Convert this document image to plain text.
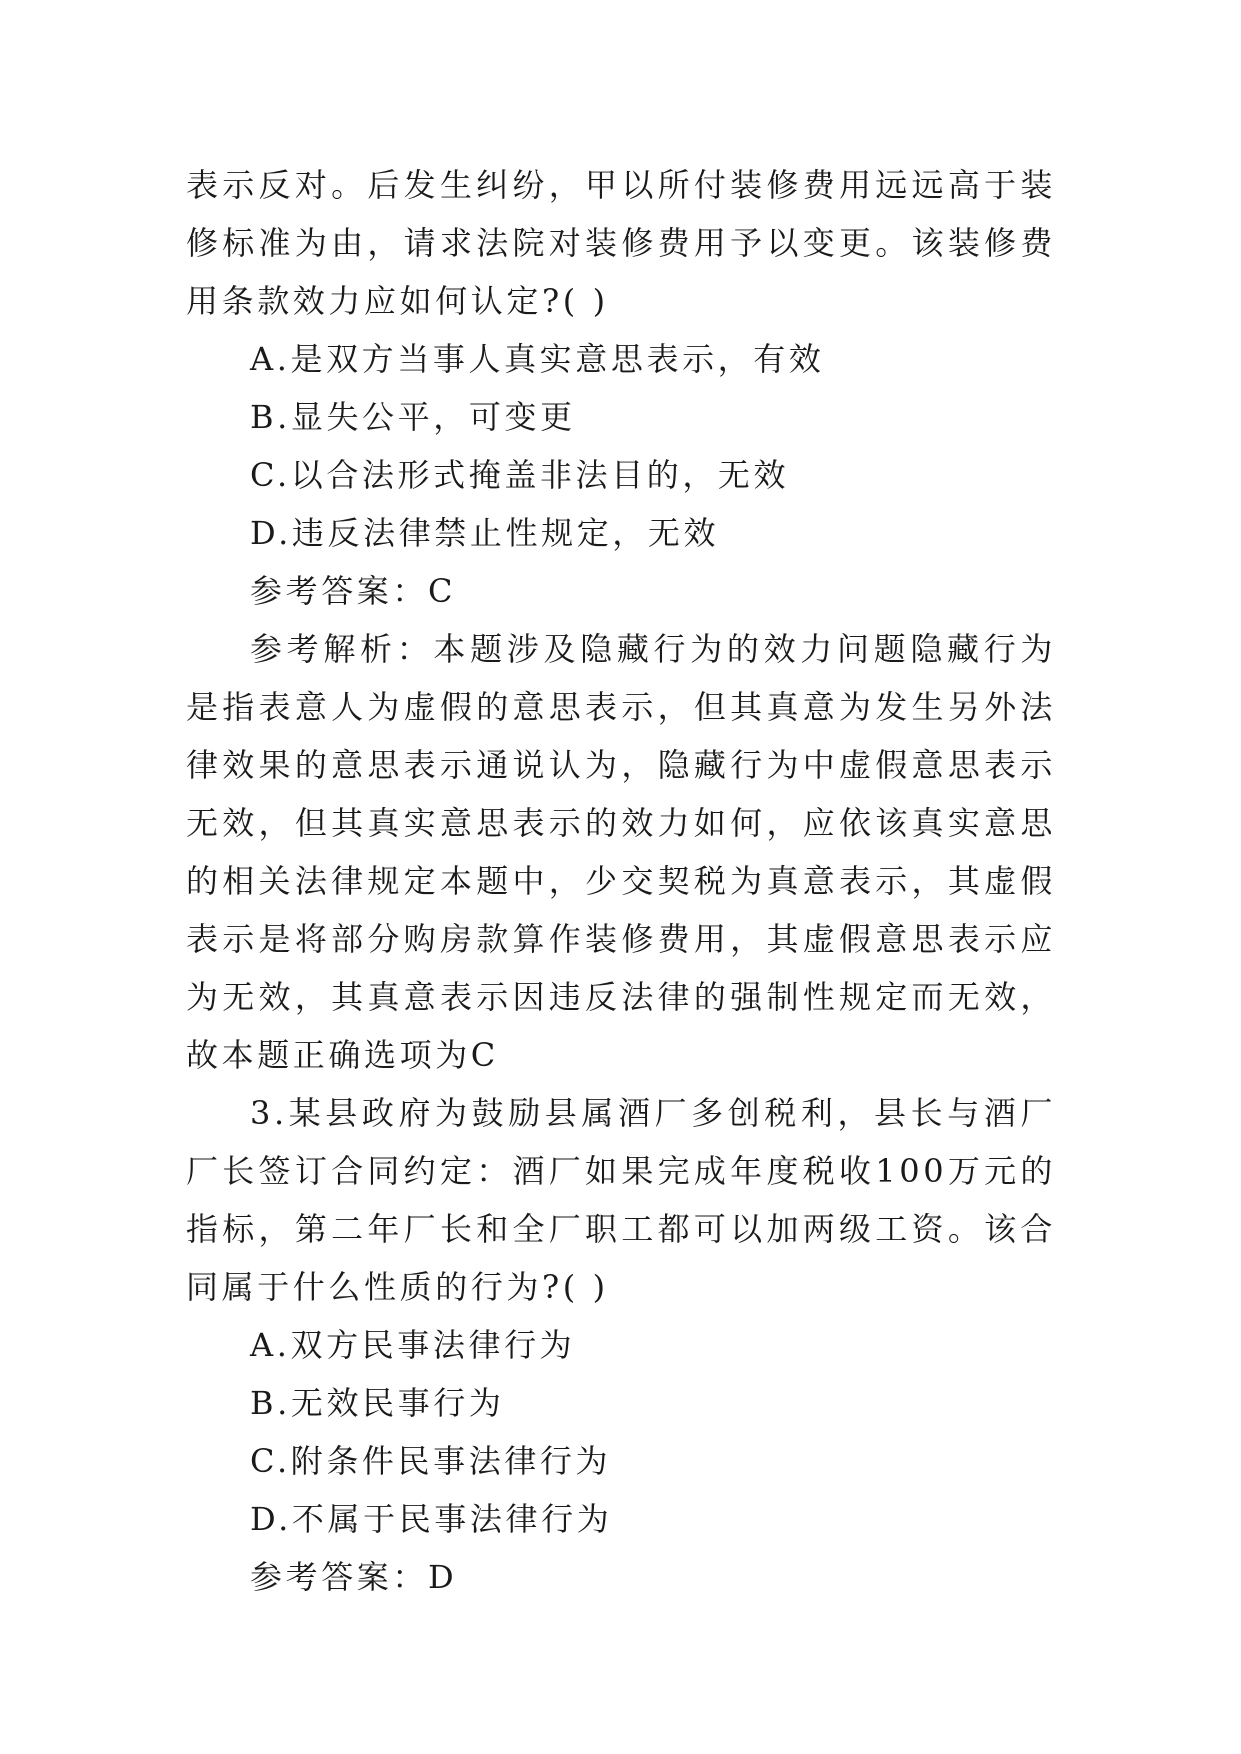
表示反对。后发生纠纷，甲以所付装修费用远远高于装修标准为由，请求法院对装修费用予以变更。该装修费用条款效力应如何认定?( )

A.是双方当事人真实意思表示，有效

B.显失公平，可变更

C.以合法形式掩盖非法目的，无效

D.违反法律禁止性规定，无效

参考答案：C

参考解析：本题涉及隐藏行为的效力问题隐藏行为是指表意人为虚假的意思表示，但其真意为发生另外法律效果的意思表示通说认为，隐藏行为中虚假意思表示无效，但其真实意思表示的效力如何，应依该真实意思的相关法律规定本题中，少交契税为真意表示，其虚假表示是将部分购房款算作装修费用，其虚假意思表示应为无效，其真意表示因违反法律的强制性规定而无效，故本题正确选项为C

3.某县政府为鼓励县属酒厂多创税利，县长与酒厂厂长签订合同约定：酒厂如果完成年度税收100万元的指标，第二年厂长和全厂职工都可以加两级工资。该合同属于什么性质的行为?( )

A.双方民事法律行为

B.无效民事行为

C.附条件民事法律行为

D.不属于民事法律行为

参考答案：D
